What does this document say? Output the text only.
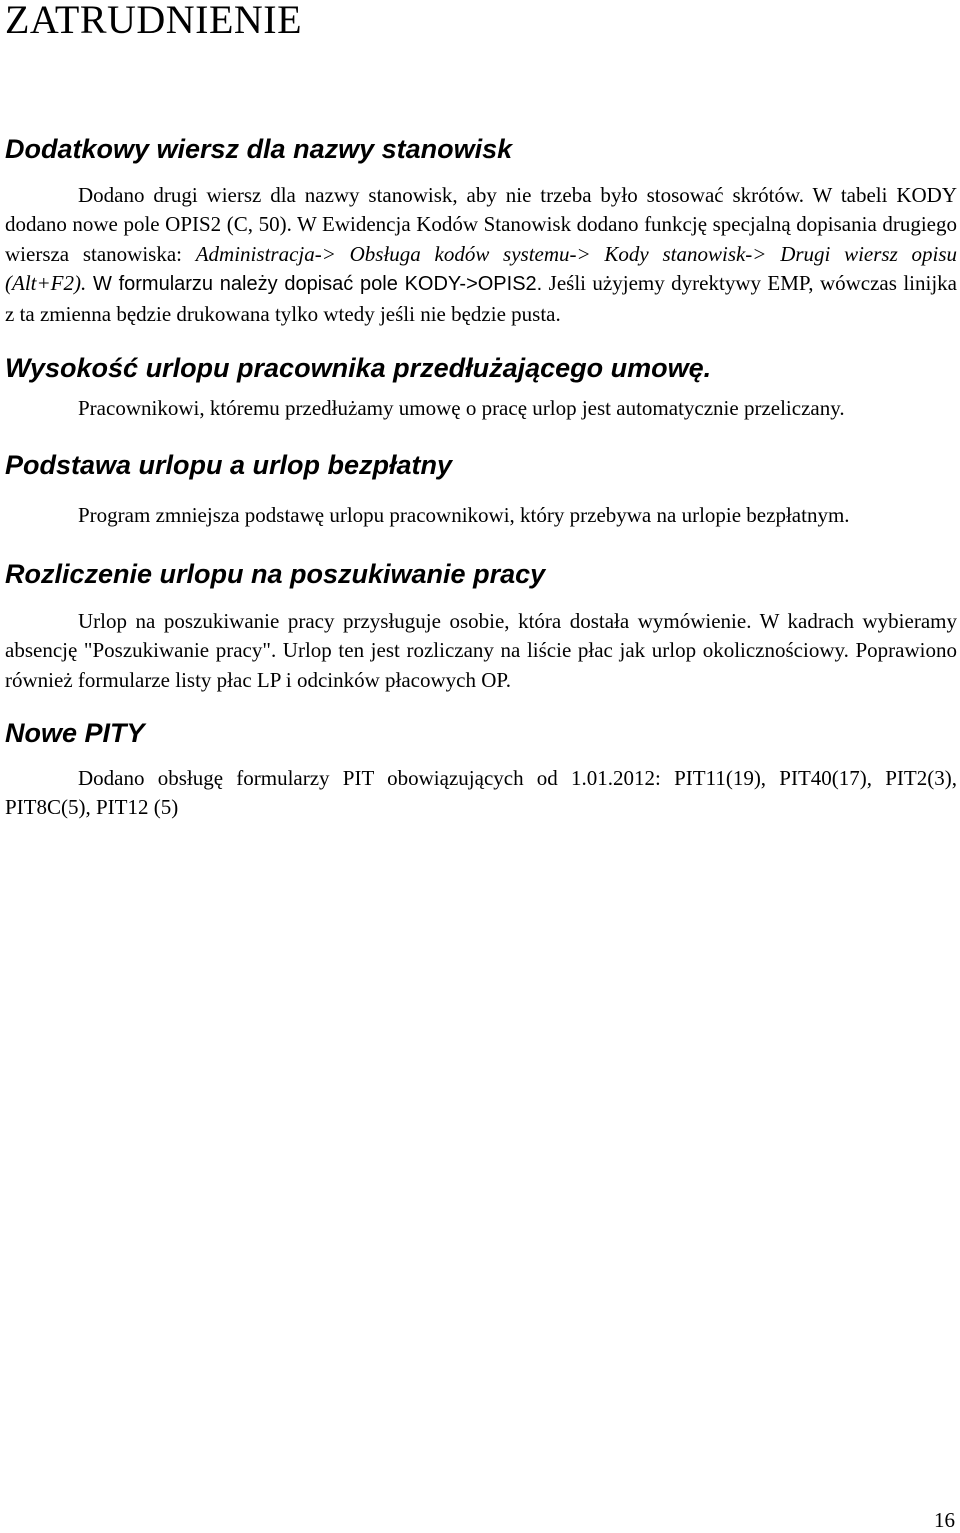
ZATRUDNIENIE
Dodatkowy wiersz dla nazwy stanowisk

Dodano drugi wiersz dla nazwy stanowisk, aby nie trzeba było stosować skrótów. W tabeli KODY dodano nowe pole OPIS2 (C, 50). W Ewidencja Kodów Stanowisk dodano funkcję specjalną dopisania drugiego wiersza stanowiska: Administracja-> Obsługa kodów systemu-> Kody stanowisk-> Drugi wiersz opisu (Alt+F2). W formularzu należy dopisać pole KODY->OPIS2. Jeśli użyjemy dyrektywy EMP, wówczas linijka z ta zmienna będzie drukowana tylko wtedy jeśli nie będzie pusta.

Wysokość urlopu pracownika przedłużającego umowę.

Pracownikowi, któremu przedłużamy umowę o pracę urlop jest automatycznie przeliczany.

Podstawa urlopu a urlop bezpłatny

Program zmniejsza podstawę urlopu pracownikowi, który przebywa na urlopie bezpłatnym.

Rozliczenie urlopu na poszukiwanie pracy

Urlop na poszukiwanie pracy przysługuje osobie, która dostała wymówienie. W kadrach wybieramy absencję "Poszukiwanie pracy". Urlop ten jest rozliczany na liście płac jak urlop okolicznościowy. Poprawiono również formularze listy płac LP i odcinków płacowych OP.

Nowe PITY

Dodano obsługę formularzy PIT obowiązujących od 1.01.2012: PIT11(19), PIT40(17), PIT2(3), PIT8C(5), PIT12 (5)

16
